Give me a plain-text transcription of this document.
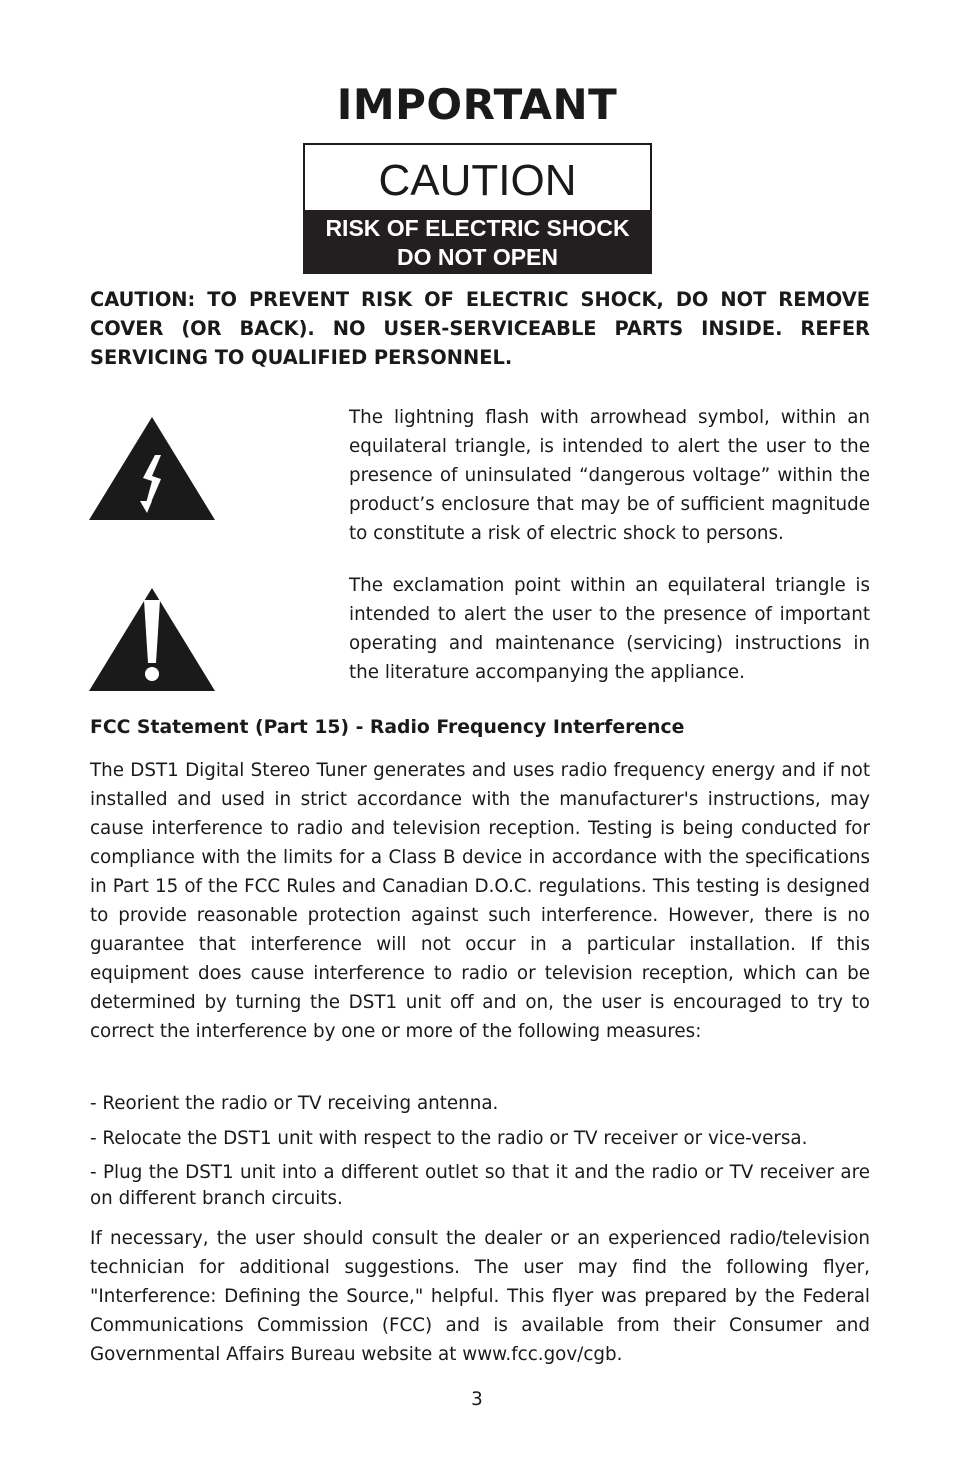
IMPORTANT
CAUTION
RISK OF ELECTRIC SHOCK
DO NOT OPEN

CAUTION: TO PREVENT RISK OF ELECTRIC SHOCK, DO NOT REMOVE COVER (OR BACK). NO USER-SERVICEABLE PARTS INSIDE. REFER SERVICING TO QUALIFIED PERSONNEL.

The lightning flash with arrowhead symbol, within an equilateral triangle, is intended to alert the user to the presence of uninsulated “dangerous voltage” within the product’s enclosure that may be of sufficient magnitude to constitute a risk of electric shock to persons.

The exclamation point within an equilateral triangle is intended to alert the user to the presence of important operating and maintenance (servicing) instructions in the literature accompanying the appliance.

FCC Statement (Part 15) - Radio Frequency Interference

The DST1 Digital Stereo Tuner generates and uses radio frequency energy and if not installed and used in strict accordance with the manufacturer's instructions, may cause interference to radio and television reception. Testing is being conducted for compliance with the limits for a Class B device in accordance with the specifications in Part 15 of the FCC Rules and Canadian D.O.C. regulations. This testing is designed to provide reasonable protection against such interference. However, there is no guarantee that interference will not occur in a particular installation. If this equipment does cause interference to radio or television reception, which can be determined by turning the DST1 unit off and on, the user is encouraged to try to correct the interference by one or more of the following measures:

- Reorient the radio or TV receiving antenna.

- Relocate the DST1 unit with respect to the radio or TV receiver or vice-versa.

- Plug the DST1 unit into a different outlet so that it and the radio or TV receiver are on different branch circuits.

If necessary, the user should consult the dealer or an experienced radio/television technician for additional suggestions. The user may find the following flyer, "Interference: Defining the Source," helpful. This flyer was prepared by the Federal Communications Commission (FCC) and is available from their Consumer and Governmental Affairs Bureau website at www.fcc.gov/cgb.

3
